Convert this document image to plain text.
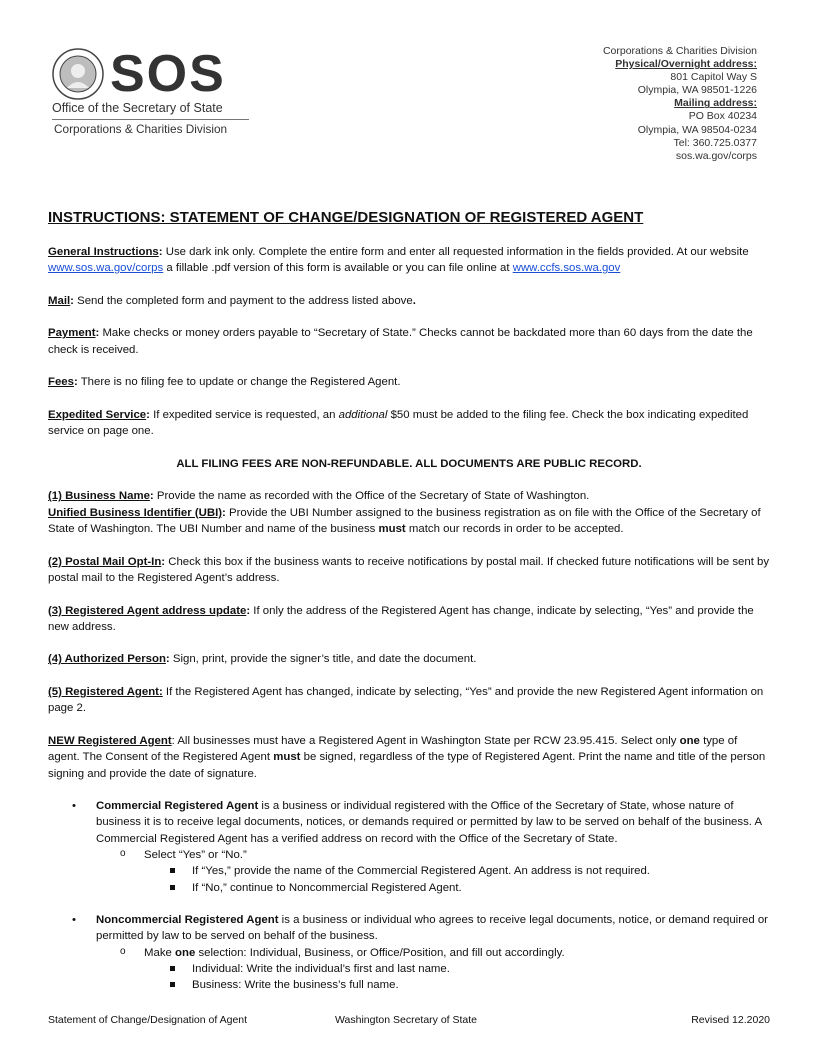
SOS
Office of the Secretary of State
Corporations & Charities Division
Corporations & Charities Division
Physical/Overnight address:
801 Capitol Way S
Olympia, WA 98501-1226
Mailing address:
PO Box 40234
Olympia, WA 98504-0234
Tel: 360.725.0377
sos.wa.gov/corps
INSTRUCTIONS: STATEMENT OF CHANGE/DESIGNATION OF REGISTERED AGENT

General Instructions: Use dark ink only. Complete the entire form and enter all requested information in the fields provided. At our website www.sos.wa.gov/corps a fillable .pdf version of this form is available or you can file online at www.ccfs.sos.wa.gov

Mail: Send the completed form and payment to the address listed above.

Payment: Make checks or money orders payable to “Secretary of State.” Checks cannot be backdated more than 60 days from the date the check is received.

Fees: There is no filing fee to update or change the Registered Agent.

Expedited Service: If expedited service is requested, an additional $50 must be added to the filing fee. Check the box indicating expedited service on page one.

ALL FILING FEES ARE NON-REFUNDABLE. ALL DOCUMENTS ARE PUBLIC RECORD.

(1) Business Name: Provide the name as recorded with the Office of the Secretary of State of Washington.

Unified Business Identifier (UBI): Provide the UBI Number assigned to the business registration as on file with the Office of the Secretary of State of Washington. The UBI Number and name of the business must match our records in order to be accepted.

(2) Postal Mail Opt-In: Check this box if the business wants to receive notifications by postal mail. If checked future notifications will be sent by postal mail to the Registered Agent’s address.

(3) Registered Agent address update: If only the address of the Registered Agent has change, indicate by selecting, “Yes” and provide the new address.

(4) Authorized Person: Sign, print, provide the signer’s title, and date the document.

(5) Registered Agent: If the Registered Agent has changed, indicate by selecting, “Yes” and provide the new Registered Agent information on page 2.

NEW Registered Agent: All businesses must have a Registered Agent in Washington State per RCW 23.95.415. Select only one type of agent. The Consent of the Registered Agent must be signed, regardless of the type of Registered Agent. Print the name and title of the person signing and provide the date of signature.

• Commercial Registered Agent is a business or individual registered with the Office of the Secretary of State, whose nature of business it is to receive legal documents, notices, or demands required or permitted by law to be served on behalf of the business. A Commercial Registered Agent has a verified address on record with the Office of the Secretary of State.
o Select “Yes” or “No.”
If “Yes,” provide the name of the Commercial Registered Agent. An address is not required.
If “No,” continue to Noncommercial Registered Agent.
• Noncommercial Registered Agent is a business or individual who agrees to receive legal documents, notice, or demand required or permitted by law to be served on behalf of the business.
o Make one selection: Individual, Business, or Office/Position, and fill out accordingly.
Individual: Write the individual’s first and last name.
Business: Write the business’s full name.
Statement of Change/Designation of Agent	Washington Secretary of State	Revised 12.2020
